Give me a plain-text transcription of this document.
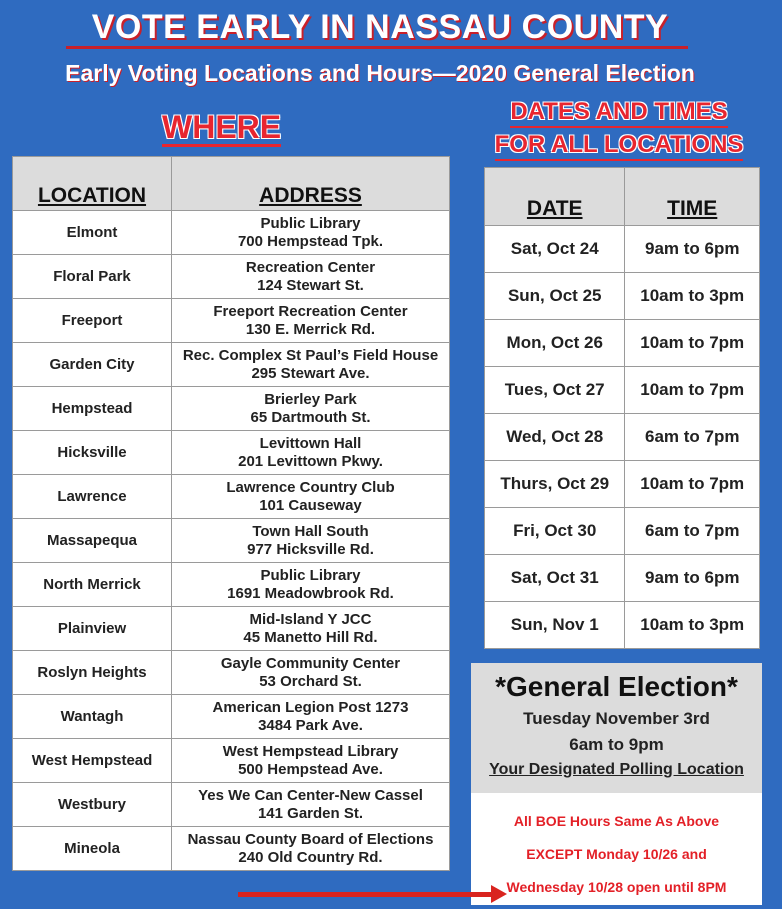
VOTE EARLY IN NASSAU COUNTY
Early Voting Locations and Hours—2020 General Election
WHERE	DATES AND TIMES
FOR ALL LOCATIONS
LOCATION	ADDRESS
Elmont	Public Library
700 Hempstead Tpk.

Floral Park	Recreation Center
124 Stewart St.

Freeport	Freeport Recreation Center
130 E. Merrick Rd.

Garden City	Rec. Complex St Paul’s Field House
295 Stewart Ave.

Hempstead	Brierley Park
65 Dartmouth St.

Hicksville	Levittown Hall
201 Levittown Pkwy.

Lawrence	Lawrence Country Club
101 Causeway

Massapequa	Town Hall South
977 Hicksville Rd.

North Merrick	Public Library
1691 Meadowbrook Rd.

Plainview	Mid-Island Y JCC
45 Manetto Hill Rd.

Roslyn Heights	Gayle Community Center
53 Orchard St.

Wantagh	American Legion Post 1273
3484 Park Ave.

West Hempstead	West Hempstead Library
500 Hempstead Ave.

Westbury	Yes We Can Center-New Cassel
141 Garden St.

Mineola	Nassau County Board of Elections
240 Old Country Rd.
DATE	TIME
Sat, Oct 24	9am to 6pm
Sun, Oct 25	10am to 3pm
Mon, Oct 26	10am to 7pm
Tues, Oct 27	10am to 7pm
Wed, Oct 28	6am to 7pm
Thurs, Oct 29	10am to 7pm
Fri, Oct 30	6am to 7pm
Sat, Oct 31	9am to 6pm
Sun, Nov 1	10am to 3pm
*General Election*
Tuesday November 3rd
6am to 9pm
Your Designated Polling Location
All BOE Hours Same As Above
EXCEPT Monday 10/26 and
Wednesday 10/28 open until 8PM
